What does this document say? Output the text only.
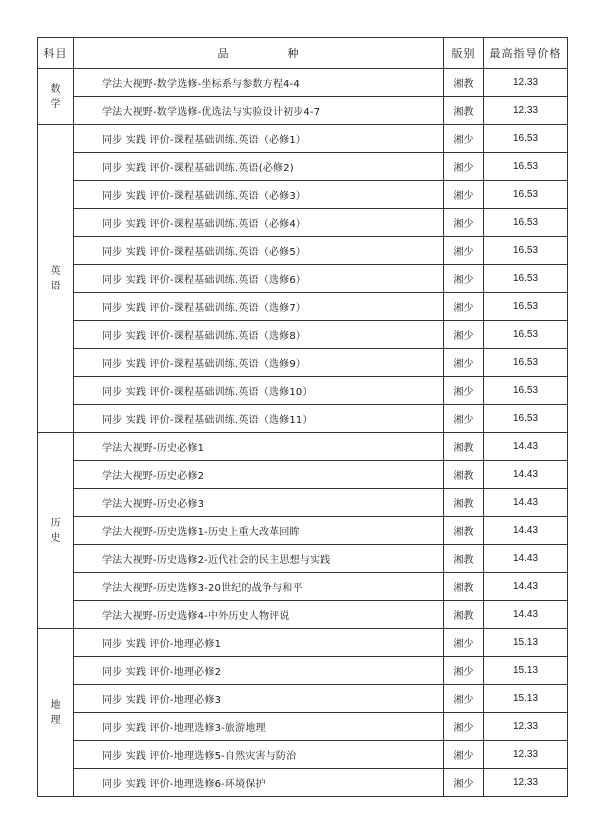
科目	品 种	版别	最高指导价格

数学	学法大视野-数学选修-坐标系与参数方程4-4	湘教	12.33
	学法大视野-数学选修-优选法与实验设计初步4-7	湘教	12.33

英语	同步 实践 评价-课程基础训练.英语（必修1）	湘少	16.53
	同步 实践 评价-课程基础训练.英语(必修2)	湘少	16.53
	同步 实践 评价-课程基础训练.英语（必修3）	湘少	16.53
	同步 实践 评价-课程基础训练.英语（必修4）	湘少	16.53
	同步 实践 评价-课程基础训练.英语（必修5）	湘少	16.53
	同步 实践 评价-课程基础训练.英语（选修6）	湘少	16.53
	同步 实践 评价-课程基础训练.英语（选修7）	湘少	16.53
	同步 实践 评价-课程基础训练.英语（选修8）	湘少	16.53
	同步 实践 评价-课程基础训练.英语（选修9）	湘少	16.53
	同步 实践 评价-课程基础训练.英语（选修10）	湘少	16.53
	同步 实践 评价-课程基础训练.英语（选修11）	湘少	16.53

历史	学法大视野-历史必修1	湘教	14.43
	学法大视野-历史必修2	湘教	14.43
	学法大视野-历史必修3	湘教	14.43
	学法大视野-历史选修1-历史上重大改革回眸	湘教	14.43
	学法大视野-历史选修2-近代社会的民主思想与实践	湘教	14.43
	学法大视野-历史选修3-20世纪的战争与和平	湘教	14.43
	学法大视野-历史选修4-中外历史人物评说	湘教	14.43

地理	同步 实践 评价-地理必修1	湘少	15.13
	同步 实践 评价-地理必修2	湘少	15.13
	同步 实践 评价-地理必修3	湘少	15.13
	同步 实践 评价-地理选修3-旅游地理	湘少	12.33
	同步 实践 评价-地理选修5-自然灾害与防治	湘少	12.33
	同步 实践 评价-地理选修6-环境保护	湘少	12.33
